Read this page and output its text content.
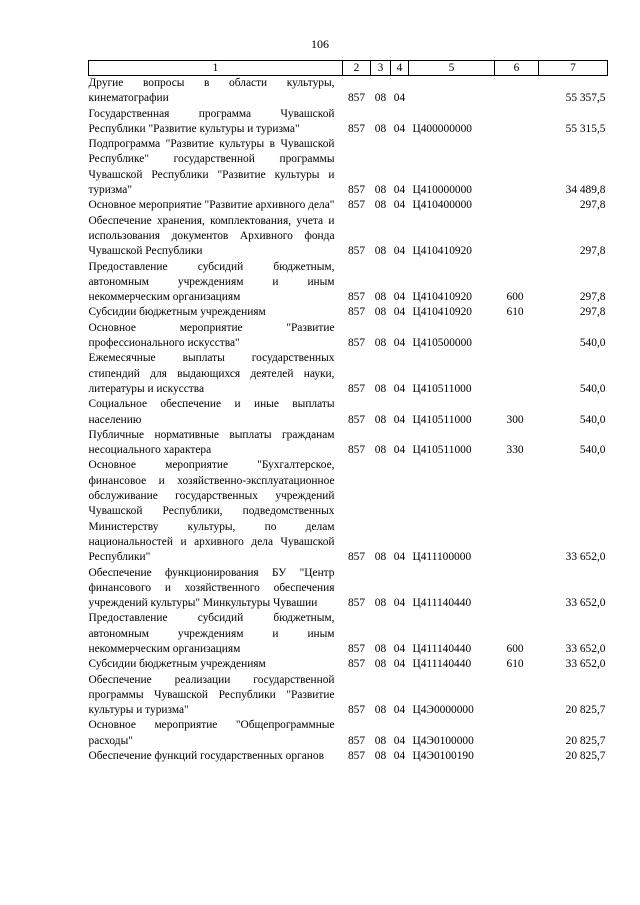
106
1	2	3	4	5	6	7
Другие вопросы в области культуры, кинематографии	857	08	04			55 357,5
Государственная программа Чувашской Республики "Развитие культуры и туризма"	857	08	04	Ц400000000		55 315,5
Подпрограмма "Развитие культуры в Чувашской Республике" государственной программы Чувашской Республики "Развитие культуры и туризма"	857	08	04	Ц410000000		34 489,8
Основное мероприятие "Развитие архивного дела"	857	08	04	Ц410400000		297,8
Обеспечение хранения, комплектования, учета и использования документов Архивного фонда Чувашской Республики	857	08	04	Ц410410920		297,8
Предоставление субсидий бюджетным, автономным учреждениям и иным некоммерческим организациям	857	08	04	Ц410410920	600	297,8
Субсидии бюджетным учреждениям	857	08	04	Ц410410920	610	297,8
Основное мероприятие "Развитие профессионального искусства"	857	08	04	Ц410500000		540,0
Ежемесячные выплаты государственных стипендий для выдающихся деятелей науки, литературы и искусства	857	08	04	Ц410511000		540,0
Социальное обеспечение и иные выплаты населению	857	08	04	Ц410511000	300	540,0
Публичные нормативные выплаты гражданам несоциального характера	857	08	04	Ц410511000	330	540,0
Основное мероприятие "Бухгалтерское, финансовое и хозяйственно-эксплуатационное обслуживание государственных учреждений Чувашской Республики, подведомственных Министерству культуры, по делам национальностей и архивного дела Чувашской Республики"	857	08	04	Ц411100000		33 652,0
Обеспечение функционирования БУ "Центр финансового и хозяйственного обеспечения учреждений культуры" Минкультуры Чувашии	857	08	04	Ц411140440		33 652,0
Предоставление субсидий бюджетным, автономным учреждениям и иным некоммерческим организациям	857	08	04	Ц411140440	600	33 652,0
Субсидии бюджетным учреждениям	857	08	04	Ц411140440	610	33 652,0
Обеспечение реализации государственной программы Чувашской Республики "Развитие культуры и туризма"	857	08	04	Ц4Э0000000		20 825,7
Основное мероприятие "Общепрограммные расходы"	857	08	04	Ц4Э0100000		20 825,7
Обеспечение функций государственных органов	857	08	04	Ц4Э0100190		20 825,7
